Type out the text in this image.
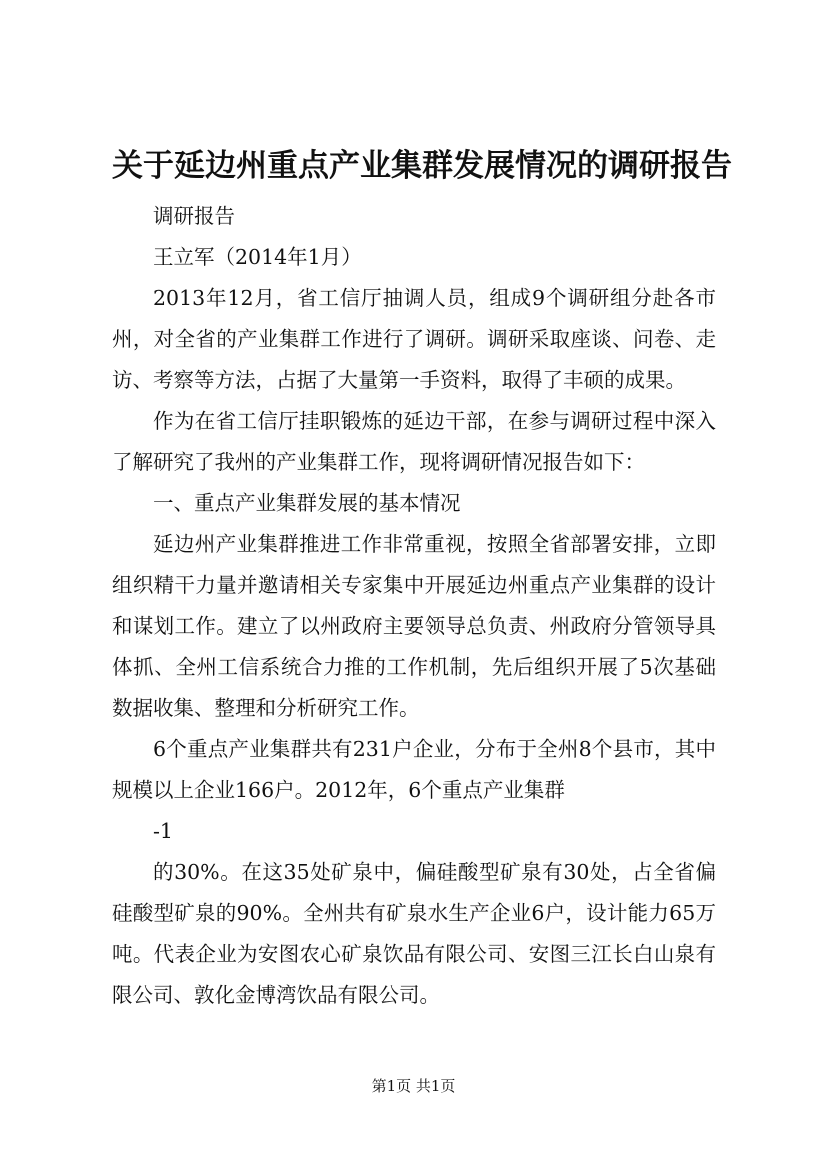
关于延边州重点产业集群发展情况的调研报告

调研报告

王立军（2014年1月）

2013年12月，省工信厅抽调人员，组成9个调研组分赴各市州，对全省的产业集群工作进行了调研。调研采取座谈、问卷、走访、考察等方法，占据了大量第一手资料，取得了丰硕的成果。

作为在省工信厅挂职锻炼的延边干部，在参与调研过程中深入了解研究了我州的产业集群工作，现将调研情况报告如下：

一、重点产业集群发展的基本情况

延边州产业集群推进工作非常重视，按照全省部署安排，立即组织精干力量并邀请相关专家集中开展延边州重点产业集群的设计和谋划工作。建立了以州政府主要领导总负责、州政府分管领导具体抓、全州工信系统合力推的工作机制，先后组织开展了5次基础数据收集、整理和分析研究工作。

6个重点产业集群共有231户企业，分布于全州8个县市，其中规模以上企业166户。2012年，6个重点产业集群

-1

的30%。在这35处矿泉中，偏硅酸型矿泉有30处，占全省偏硅酸型矿泉的90%。全州共有矿泉水生产企业6户，设计能力65万吨。代表企业为安图农心矿泉饮品有限公司、安图三江长白山泉有限公司、敦化金博湾饮品有限公司。

第1页 共1页
